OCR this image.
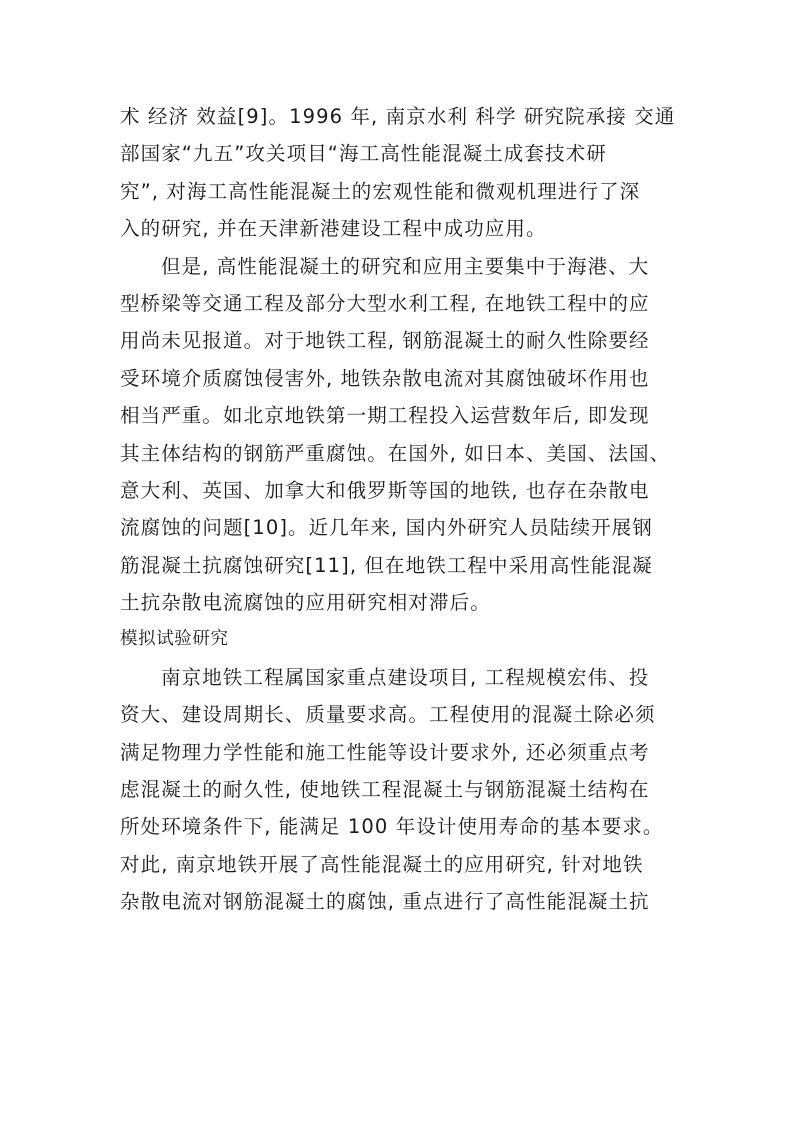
术 经济 效益[9]。1996 年, 南京水利 科学 研究院承接 交通
部国家“九五”攻关项目“海工高性能混凝土成套技术研
究”, 对海工高性能混凝土的宏观性能和微观机理进行了深
入的研究, 并在天津新港建设工程中成功应用。
但是, 高性能混凝土的研究和应用主要集中于海港、大
型桥梁等交通工程及部分大型水利工程, 在地铁工程中的应
用尚未见报道。对于地铁工程, 钢筋混凝土的耐久性除要经
受环境介质腐蚀侵害外, 地铁杂散电流对其腐蚀破坏作用也
相当严重。如北京地铁第一期工程投入运营数年后, 即发现
其主体结构的钢筋严重腐蚀。在国外, 如日本、美国、法国、
意大利、英国、加拿大和俄罗斯等国的地铁, 也存在杂散电
流腐蚀的问题[10]。近几年来, 国内外研究人员陆续开展钢
筋混凝土抗腐蚀研究[11], 但在地铁工程中采用高性能混凝
土抗杂散电流腐蚀的应用研究相对滞后。
模拟试验研究
南京地铁工程属国家重点建设项目, 工程规模宏伟、投
资大、建设周期长、质量要求高。工程使用的混凝土除必须
满足物理力学性能和施工性能等设计要求外, 还必须重点考
虑混凝土的耐久性, 使地铁工程混凝土与钢筋混凝土结构在
所处环境条件下, 能满足 100 年设计使用寿命的基本要求。
对此, 南京地铁开展了高性能混凝土的应用研究, 针对地铁
杂散电流对钢筋混凝土的腐蚀, 重点进行了高性能混凝土抗
